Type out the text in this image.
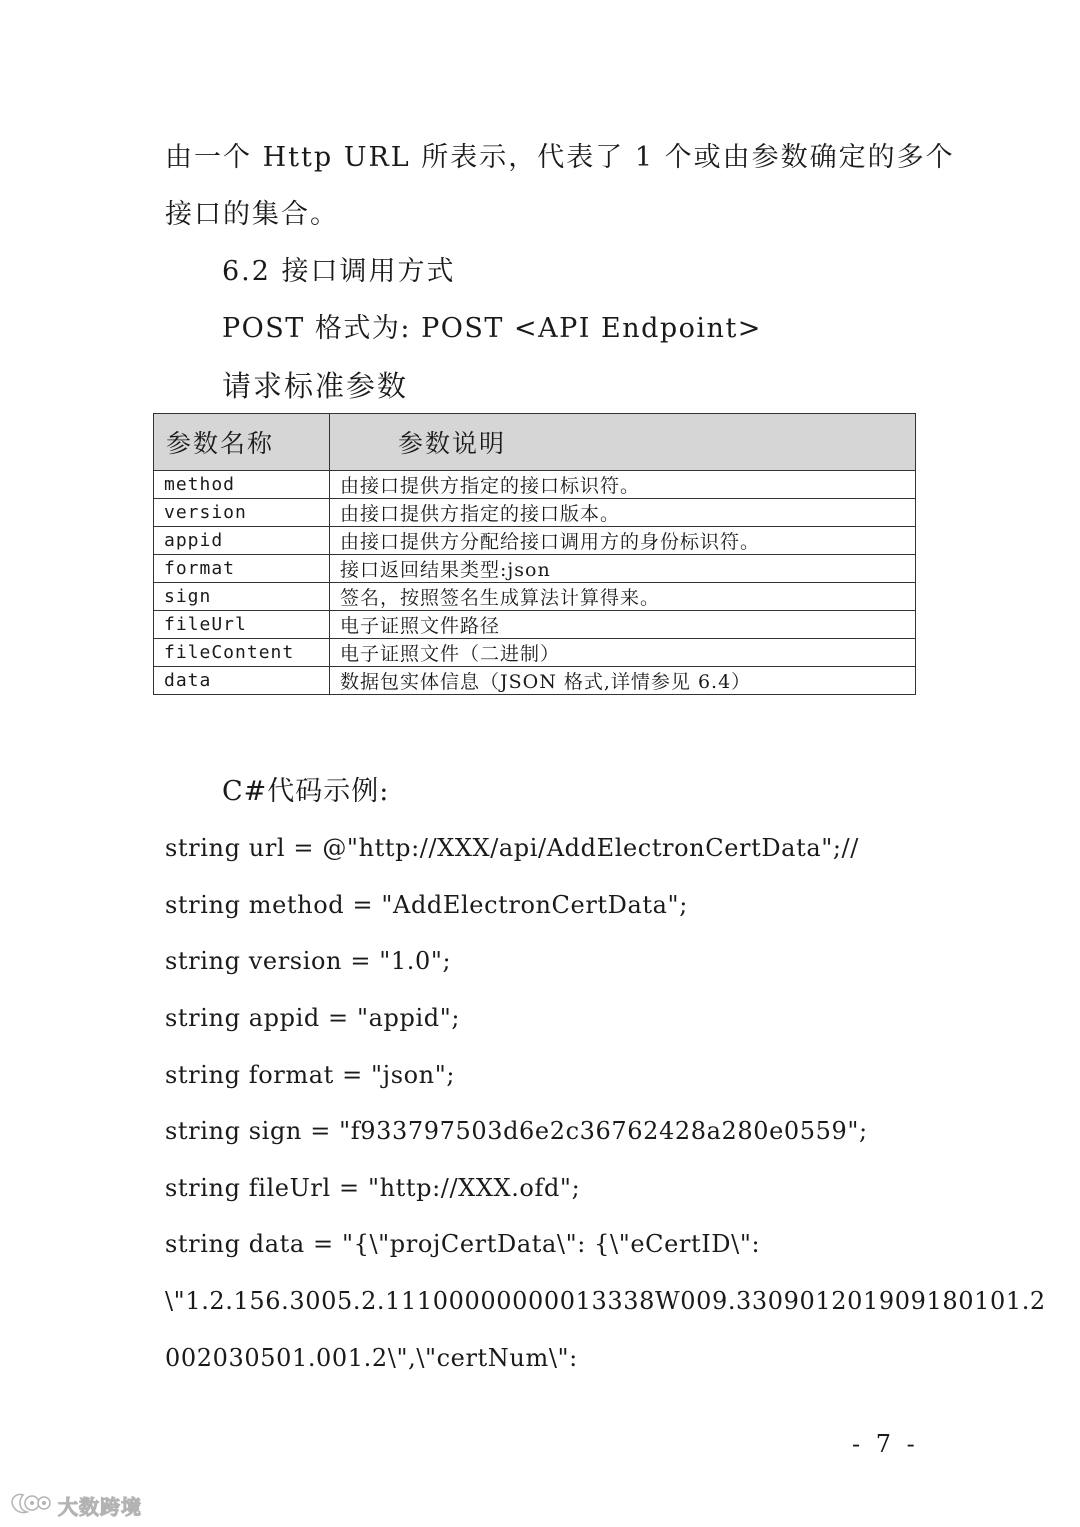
由一个 Http URL 所表示，代表了 1 个或由参数确定的多个
接口的集合。
6.2 接口调用方式
POST 格式为: POST <API Endpoint>
请求标准参数
参数名称	参数说明
method	由接口提供方指定的接口标识符。
version	由接口提供方指定的接口版本。
appid	由接口提供方分配给接口调用方的身份标识符。
format	接口返回结果类型:json
sign	签名，按照签名生成算法计算得来。
fileUrl	电子证照文件路径
fileContent	电子证照文件（二进制）
data	数据包实体信息（JSON 格式,详情参见 6.4）
C#代码示例:
string url = @"http://XXX/api/AddElectronCertData";//
string method = "AddElectronCertData";
string version = "1.0";
string appid = "appid";
string format = "json";
string sign = "f933797503d6e2c36762428a280e0559";
string fileUrl = "http://XXX.ofd";
string data = "{\"projCertData\": {\"eCertID\":
\"1.2.156.3005.2.11100000000013338W009.330901201909180101.2
002030501.001.2\",\"certNum\":
- 7 -
大数跨境
